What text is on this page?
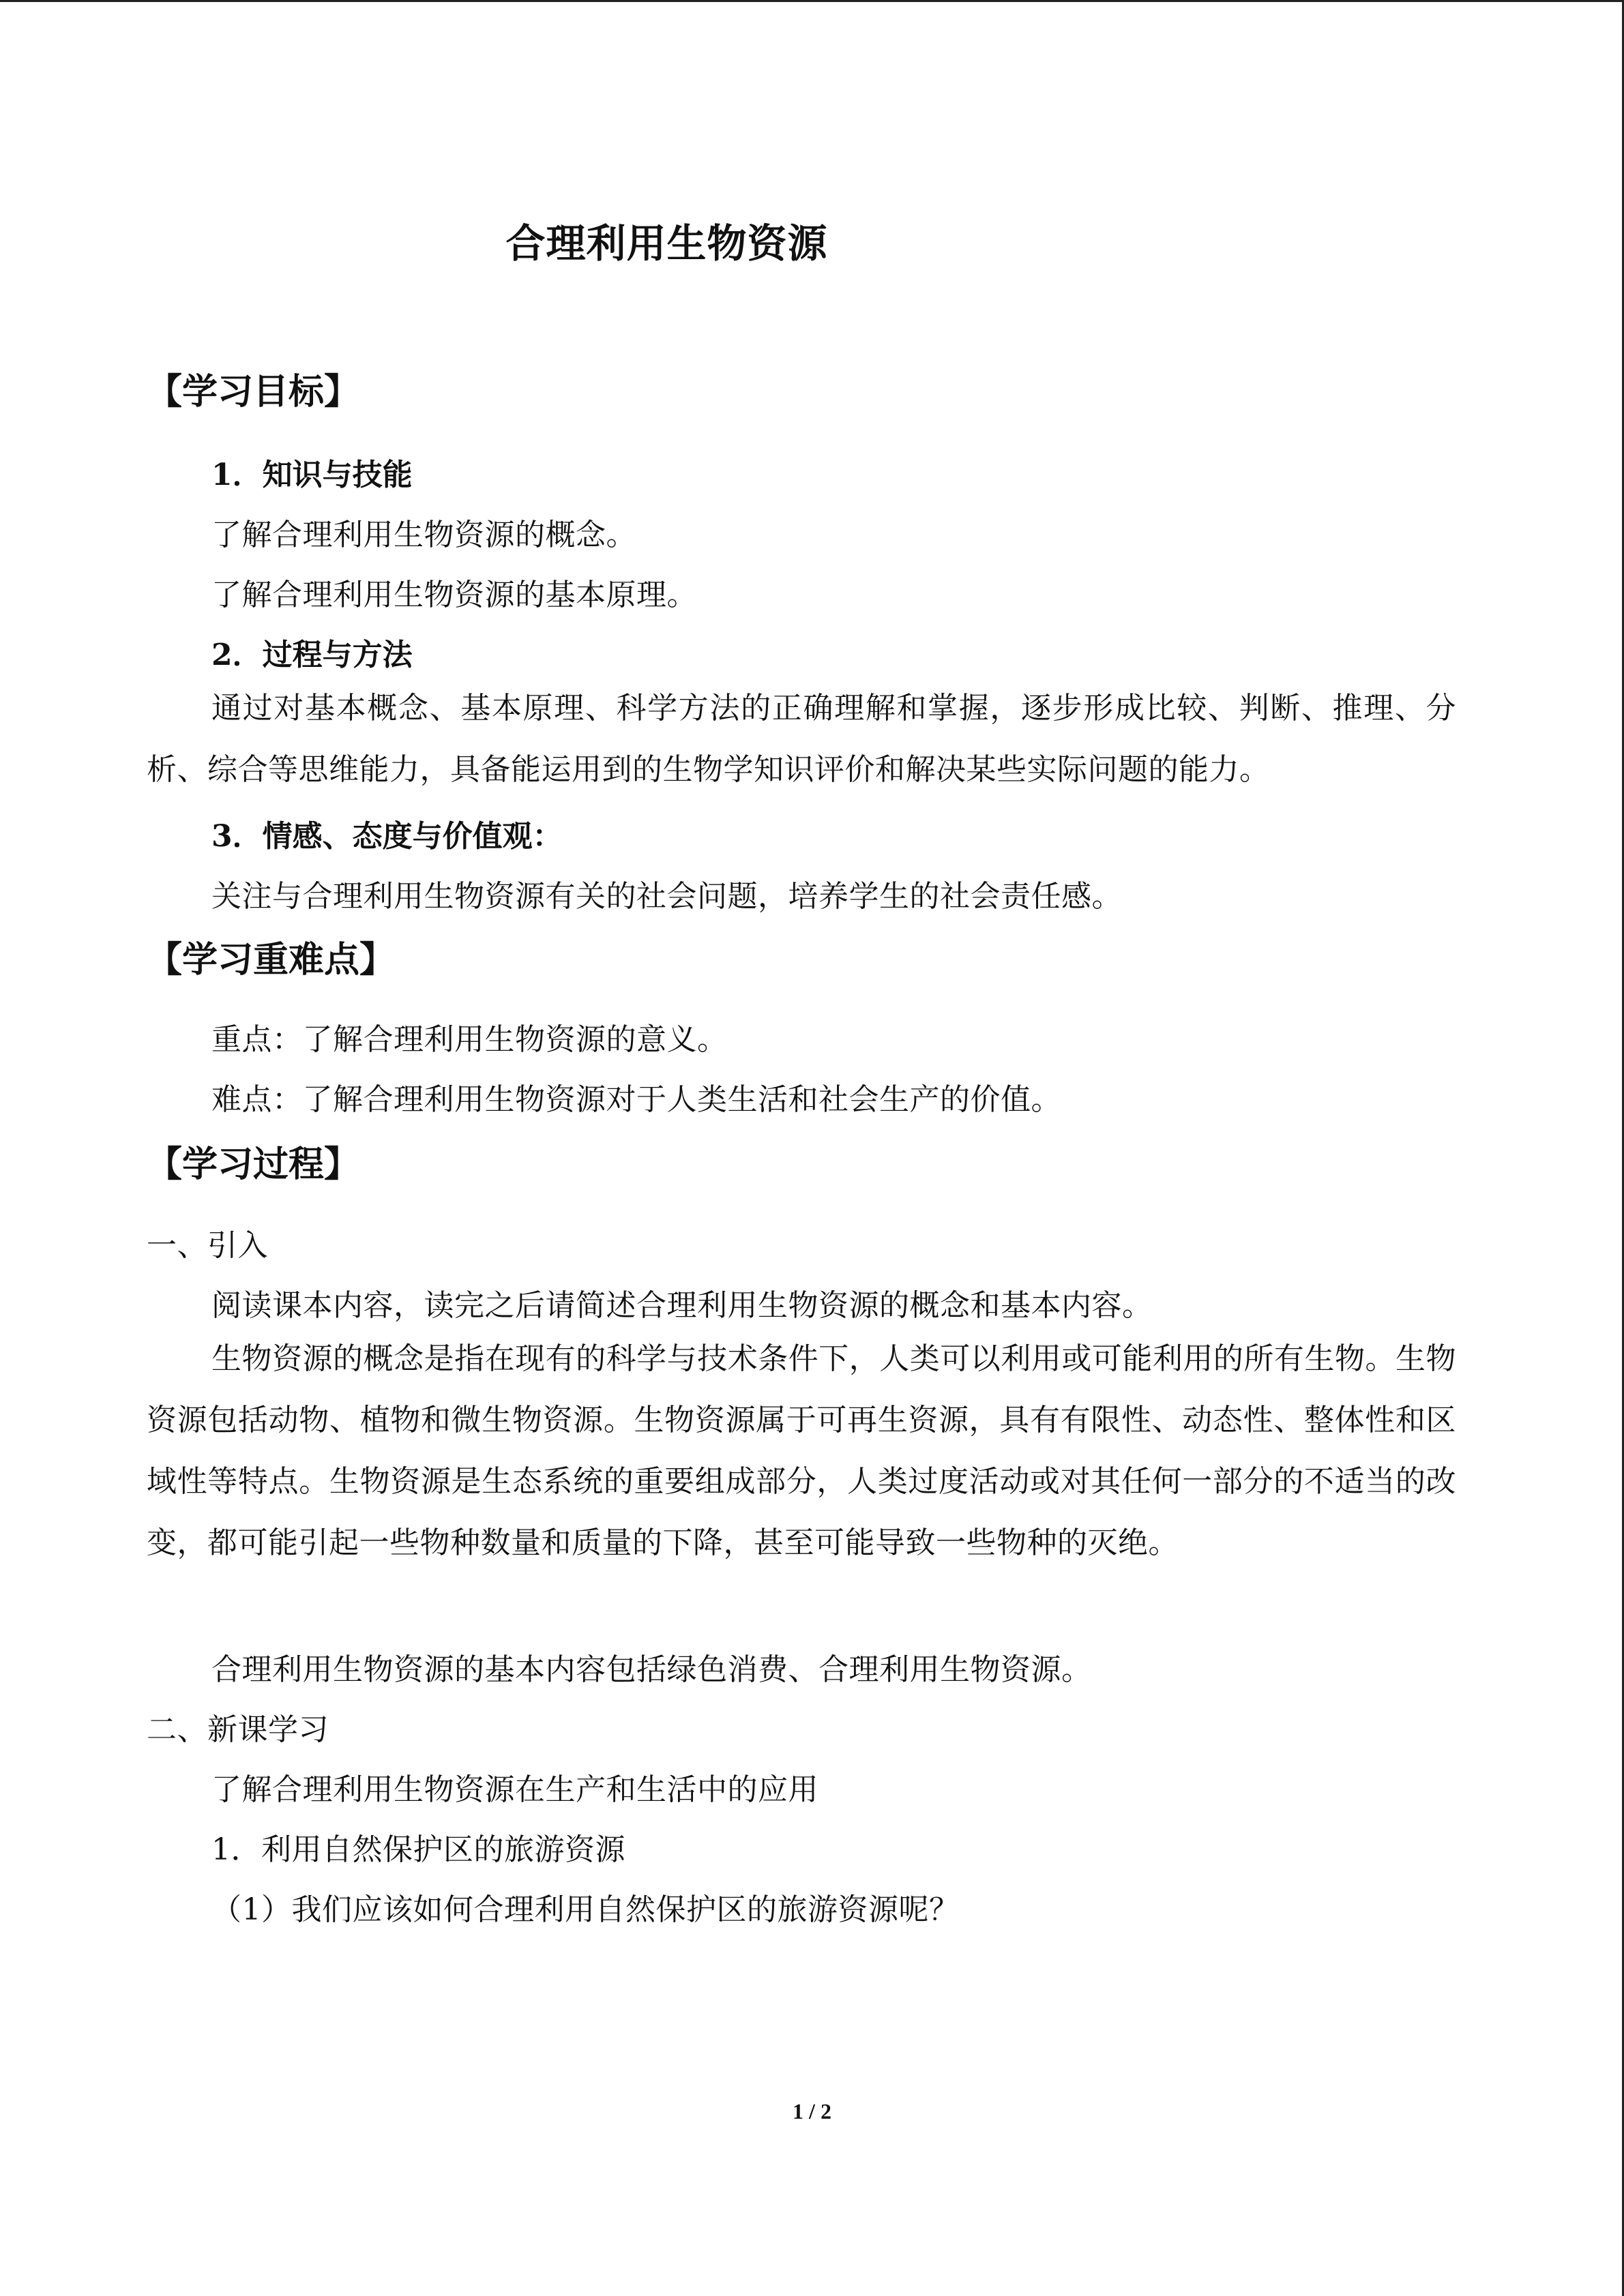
合理利用生物资源
【学习目标】
1．知识与技能
了解合理利用生物资源的概念。
了解合理利用生物资源的基本原理。
2．过程与方法
通过对基本概念、基本原理、科学方法的正确理解和掌握，逐步形成比较、判断、推理、分析、综合等思维能力，具备能运用到的生物学知识评价和解决某些实际问题的能力。
3．情感、态度与价值观：
关注与合理利用生物资源有关的社会问题，培养学生的社会责任感。
【学习重难点】
重点：了解合理利用生物资源的意义。
难点：了解合理利用生物资源对于人类生活和社会生产的价值。
【学习过程】
一、引入
阅读课本内容，读完之后请简述合理利用生物资源的概念和基本内容。
生物资源的概念是指在现有的科学与技术条件下，人类可以利用或可能利用的所有生物。生物资源包括动物、植物和微生物资源。生物资源属于可再生资源，具有有限性、动态性、整体性和区域性等特点。生物资源是生态系统的重要组成部分，人类过度活动或对其任何一部分的不适当的改变，都可能引起一些物种数量和质量的下降，甚至可能导致一些物种的灭绝。
合理利用生物资源的基本内容包括绿色消费、合理利用生物资源。
二、新课学习
了解合理利用生物资源在生产和生活中的应用
1．利用自然保护区的旅游资源
（1）我们应该如何合理利用自然保护区的旅游资源呢？
1 / 2
